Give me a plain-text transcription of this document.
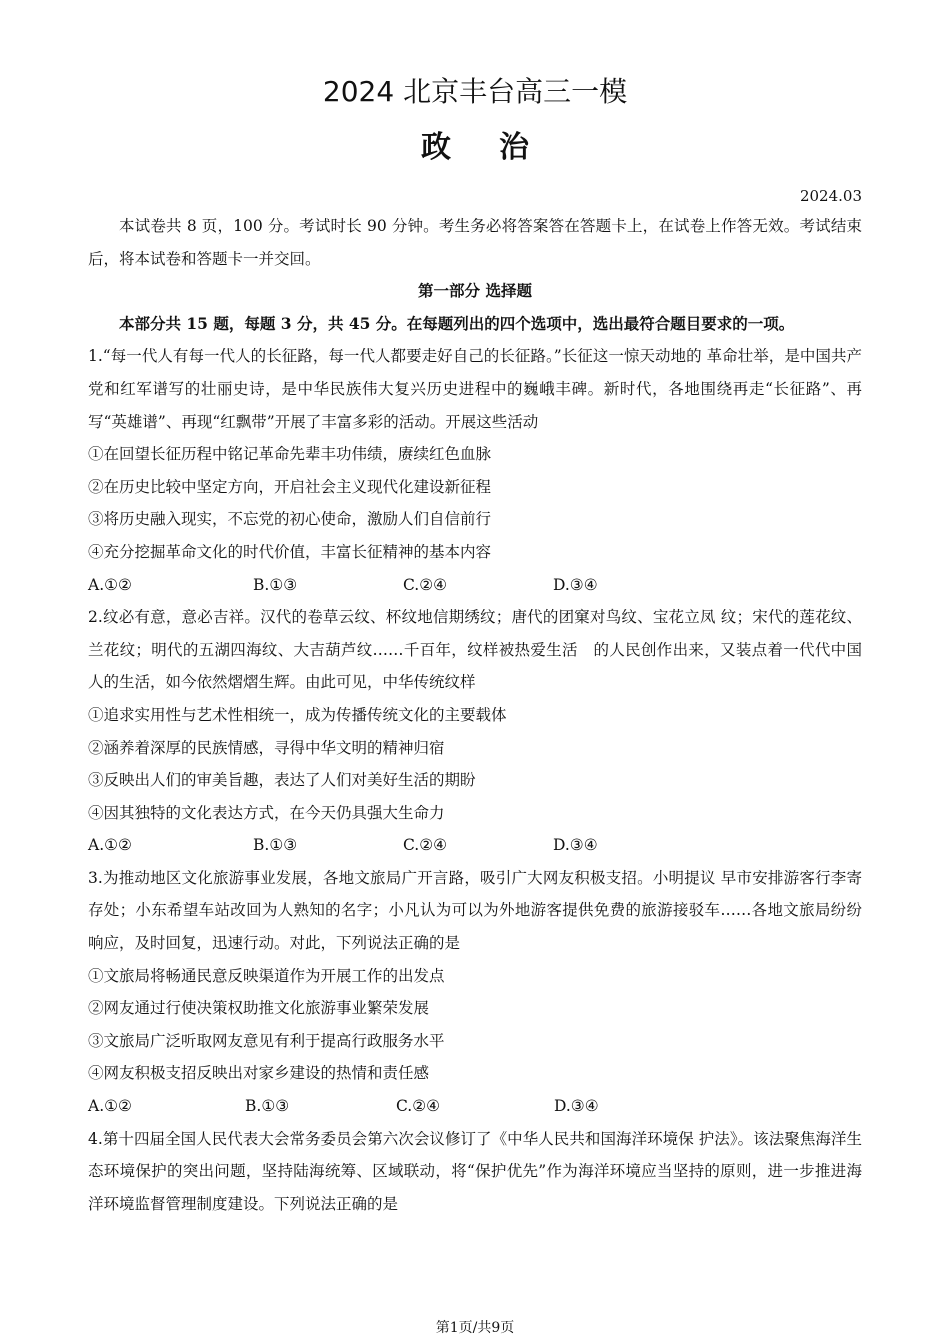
2024 北京丰台高三一模
政治
2024.03

本试卷共 8 页，100 分。考试时长 90 分钟。考生务必将答案答在答题卡上，在试卷上作答无效。考试结束后，将本试卷和答题卡一并交回。

第一部分 选择题

本部分共 15 题，每题 3 分，共 45 分。在每题列出的四个选项中，选出最符合题目要求的一项。

1.“每一代人有每一代人的长征路，每一代人都要走好自己的长征路。”长征这一惊天动地的 革命壮举，是中国共产党和红军谱写的壮丽史诗，是中华民族伟大复兴历史进程中的巍峨丰碑。新时代，各地围绕再走“长征路”、再写“英雄谱”、再现“红飘带”开展了丰富多彩的活动。开展这些活动

①在回望长征历程中铭记革命先辈丰功伟绩，赓续红色血脉

②在历史比较中坚定方向，开启社会主义现代化建设新征程

③将历史融入现实，不忘党的初心使命，激励人们自信前行

④充分挖掘革命文化的时代价值，丰富长征精神的基本内容

A.①②	B.①③	C.②④	D.③④

2.纹必有意，意必吉祥。汉代的卷草云纹、杯纹地信期绣纹；唐代的团窠对鸟纹、宝花立凤 纹；宋代的莲花纹、兰花纹；明代的五湖四海纹、大吉葫芦纹……千百年，纹样被热爱生活　的人民创作出来，又装点着一代代中国人的生活，如今依然熠熠生辉。由此可见，中华传统纹样

①追求实用性与艺术性相统一，成为传播传统文化的主要载体

②涵养着深厚的民族情感，寻得中华文明的精神归宿

③反映出人们的审美旨趣，表达了人们对美好生活的期盼

④因其独特的文化表达方式，在今天仍具强大生命力

A.①②	B.①③	C.②④	D.③④

3.为推动地区文化旅游事业发展，各地文旅局广开言路，吸引广大网友积极支招。小明提议 早市安排游客行李寄存处；小东希望车站改回为人熟知的名字；小凡认为可以为外地游客提供免费的旅游接驳车……各地文旅局纷纷响应，及时回复，迅速行动。对此，下列说法正确的是

①文旅局将畅通民意反映渠道作为开展工作的出发点

②网友通过行使决策权助推文化旅游事业繁荣发展

③文旅局广泛听取网友意见有利于提高行政服务水平

④网友积极支招反映出对家乡建设的热情和责任感

A.①②	B.①③	C.②④	D.③④

4.第十四届全国人民代表大会常务委员会第六次会议修订了《中华人民共和国海洋环境保 护法》。该法聚焦海洋生态环境保护的突出问题，坚持陆海统筹、区域联动，将“保护优先”作为海洋环境应当坚持的原则，进一步推进海洋环境监督管理制度建设。下列说法正确的是

第1页/共9页
